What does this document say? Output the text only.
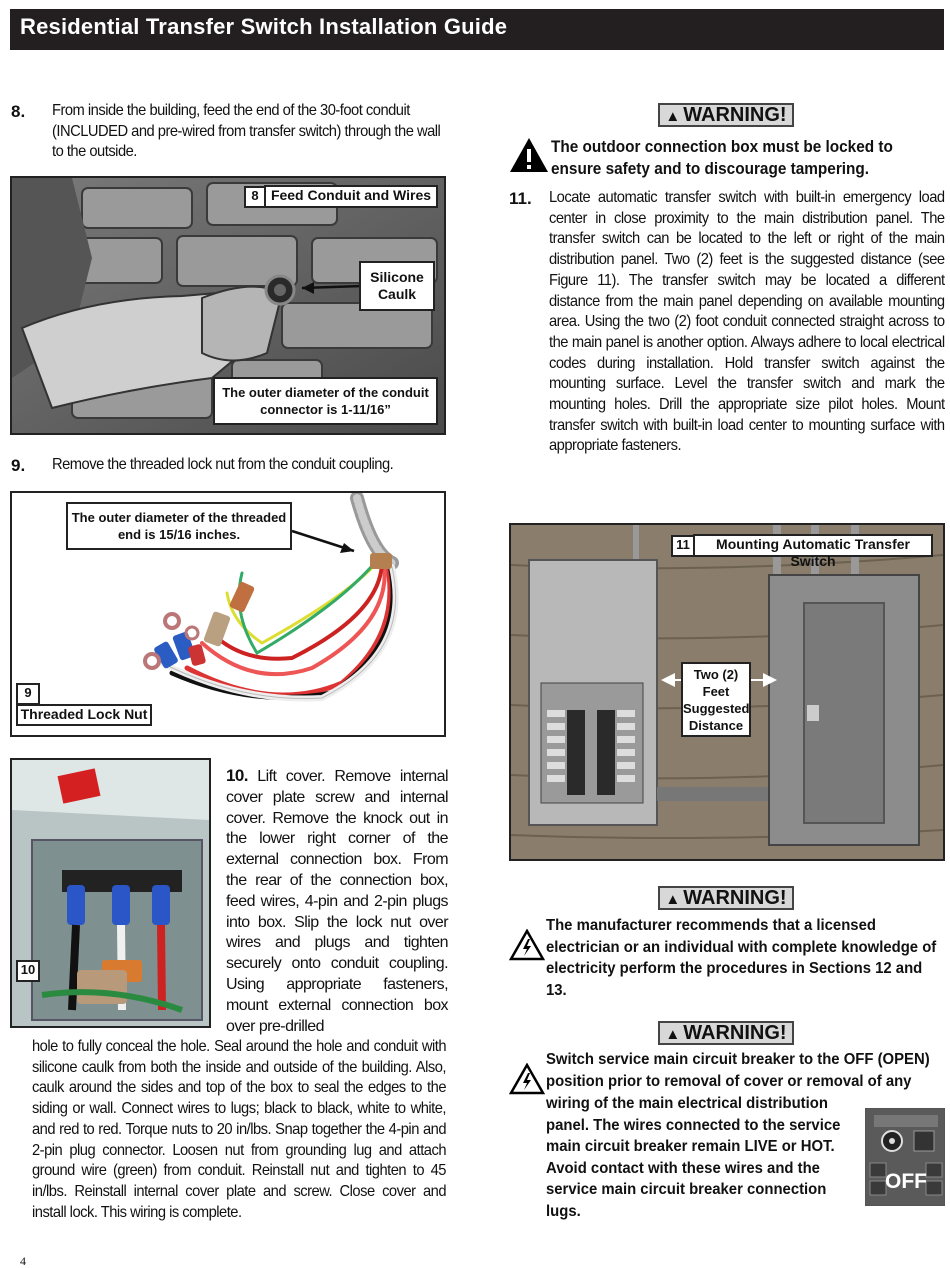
Residential Transfer Switch Installation Guide
8. From inside the building, feed the end of the 30-foot conduit (INCLUDED and pre-wired from transfer switch) through the wall to the outside.
8 Feed Conduit and Wires
Silicone Caulk
The outer diameter of the conduit connector is 1-11/16”
9. Remove the threaded lock nut from the conduit coupling.
The outer diameter of the threaded end is 15/16 inches.
9
Threaded Lock Nut
10
10. Lift cover. Remove internal cover plate screw and internal cover. Remove the knock out in the lower right corner of the external connection box. From the rear of the connection box, feed wires, 4-pin and 2-pin plugs into box. Slip the lock nut over wires and plugs and tighten securely onto conduit coupling. Using appropriate fasteners, mount external connection box over pre-drilled
hole to fully conceal the hole. Seal around the hole and conduit with silicone caulk from both the inside and outside of the building. Also, caulk around the sides and top of the box to seal the edges to the siding or wall. Connect wires to lugs; black to black, white to white, and red to red. Torque nuts to 20 in/lbs. Snap together the 4-pin and 2-pin plug connector. Loosen nut from grounding lug and attach ground wire (green) from conduit. Reinstall nut and tighten to 45 in/lbs. Reinstall internal cover plate and screw. Close cover and install lock. This wiring is complete.
▲ WARNING!
The outdoor connection box must be locked to ensure safety and to discourage tampering.
11. Locate automatic transfer switch with built-in emergency load center in close proximity to the main distribution panel. The transfer switch can be located to the left or right of the main distribution panel. Two (2) feet is the suggested distance (see Figure 11). The transfer switch may be located a different distance from the main panel depending on available mounting area. Using the two (2) foot conduit connected straight across to the main panel is another option. Always adhere to local electrical codes during installation. Hold transfer switch against the mounting surface. Level the transfer switch and mark the mounting holes. Drill the appropriate size pilot holes. Mount transfer switch with built-in load center to mounting surface with appropriate fasteners.
11	Mounting Automatic Transfer Switch
Two (2) Feet Suggested Distance
▲ WARNING!
The manufacturer recommends that a licensed electrician or an individual with complete knowledge of electricity perform the procedures in Sections 12 and 13.
▲ WARNING!
Switch service main circuit breaker to the OFF (OPEN) position prior to removal of cover or removal of any
wiring of the main electrical distribution panel. The wires connected to the service main circuit breaker remain LIVE or HOT. Avoid contact with these wires and the service main circuit breaker connection lugs.
OFF
4
